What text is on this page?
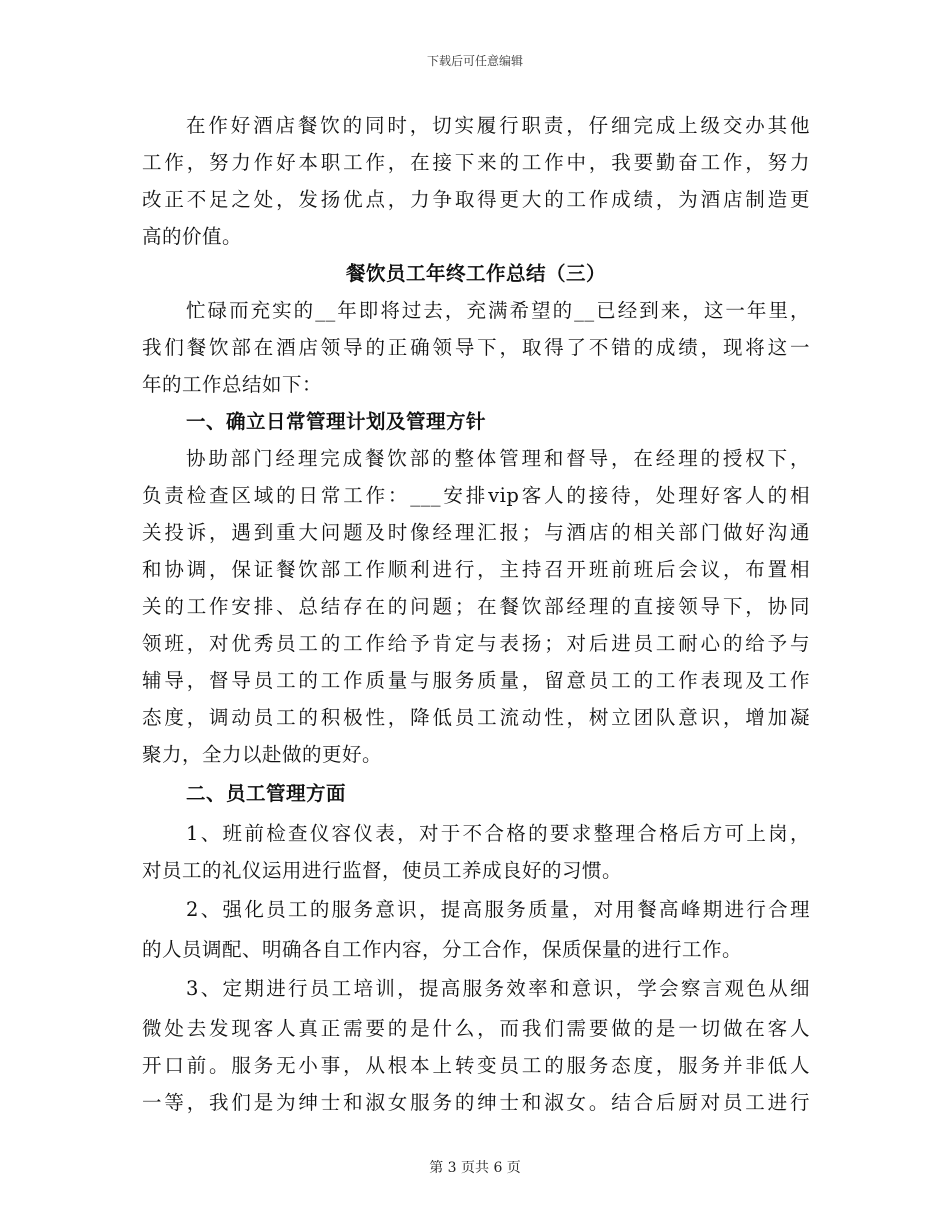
下载后可任意编辑
在作好酒店餐饮的同时，切实履行职责，仔细完成上级交办其他
工作，努力作好本职工作，在接下来的工作中，我要勤奋工作，努力
改正不足之处，发扬优点，力争取得更大的工作成绩，为酒店制造更
高的价值。
餐饮员工年终工作总结（三）
忙碌而充实的__年即将过去，充满希望的__已经到来，这一年里，
我们餐饮部在酒店领导的正确领导下，取得了不错的成绩，现将这一
年的工作总结如下：
一、确立日常管理计划及管理方针
协助部门经理完成餐饮部的整体管理和督导，在经理的授权下，
负责检查区域的日常工作：___安排vip客人的接待，处理好客人的相
关投诉，遇到重大问题及时像经理汇报；与酒店的相关部门做好沟通
和协调，保证餐饮部工作顺利进行，主持召开班前班后会议，布置相
关的工作安排、总结存在的问题；在餐饮部经理的直接领导下，协同
领班，对优秀员工的工作给予肯定与表扬；对后进员工耐心的给予与
辅导，督导员工的工作质量与服务质量，留意员工的工作表现及工作
态度，调动员工的积极性，降低员工流动性，树立团队意识，增加凝
聚力，全力以赴做的更好。
二、员工管理方面
1、班前检查仪容仪表，对于不合格的要求整理合格后方可上岗，
对员工的礼仪运用进行监督，使员工养成良好的习惯。
2、强化员工的服务意识，提高服务质量，对用餐高峰期进行合理
的人员调配、明确各自工作内容，分工合作，保质保量的进行工作。
3、定期进行员工培训，提高服务效率和意识，学会察言观色从细
微处去发现客人真正需要的是什么，而我们需要做的是一切做在客人
开口前。服务无小事，从根本上转变员工的服务态度，服务并非低人
一等，我们是为绅士和淑女服务的绅士和淑女。结合后厨对员工进行
第 3 页共 6 页
